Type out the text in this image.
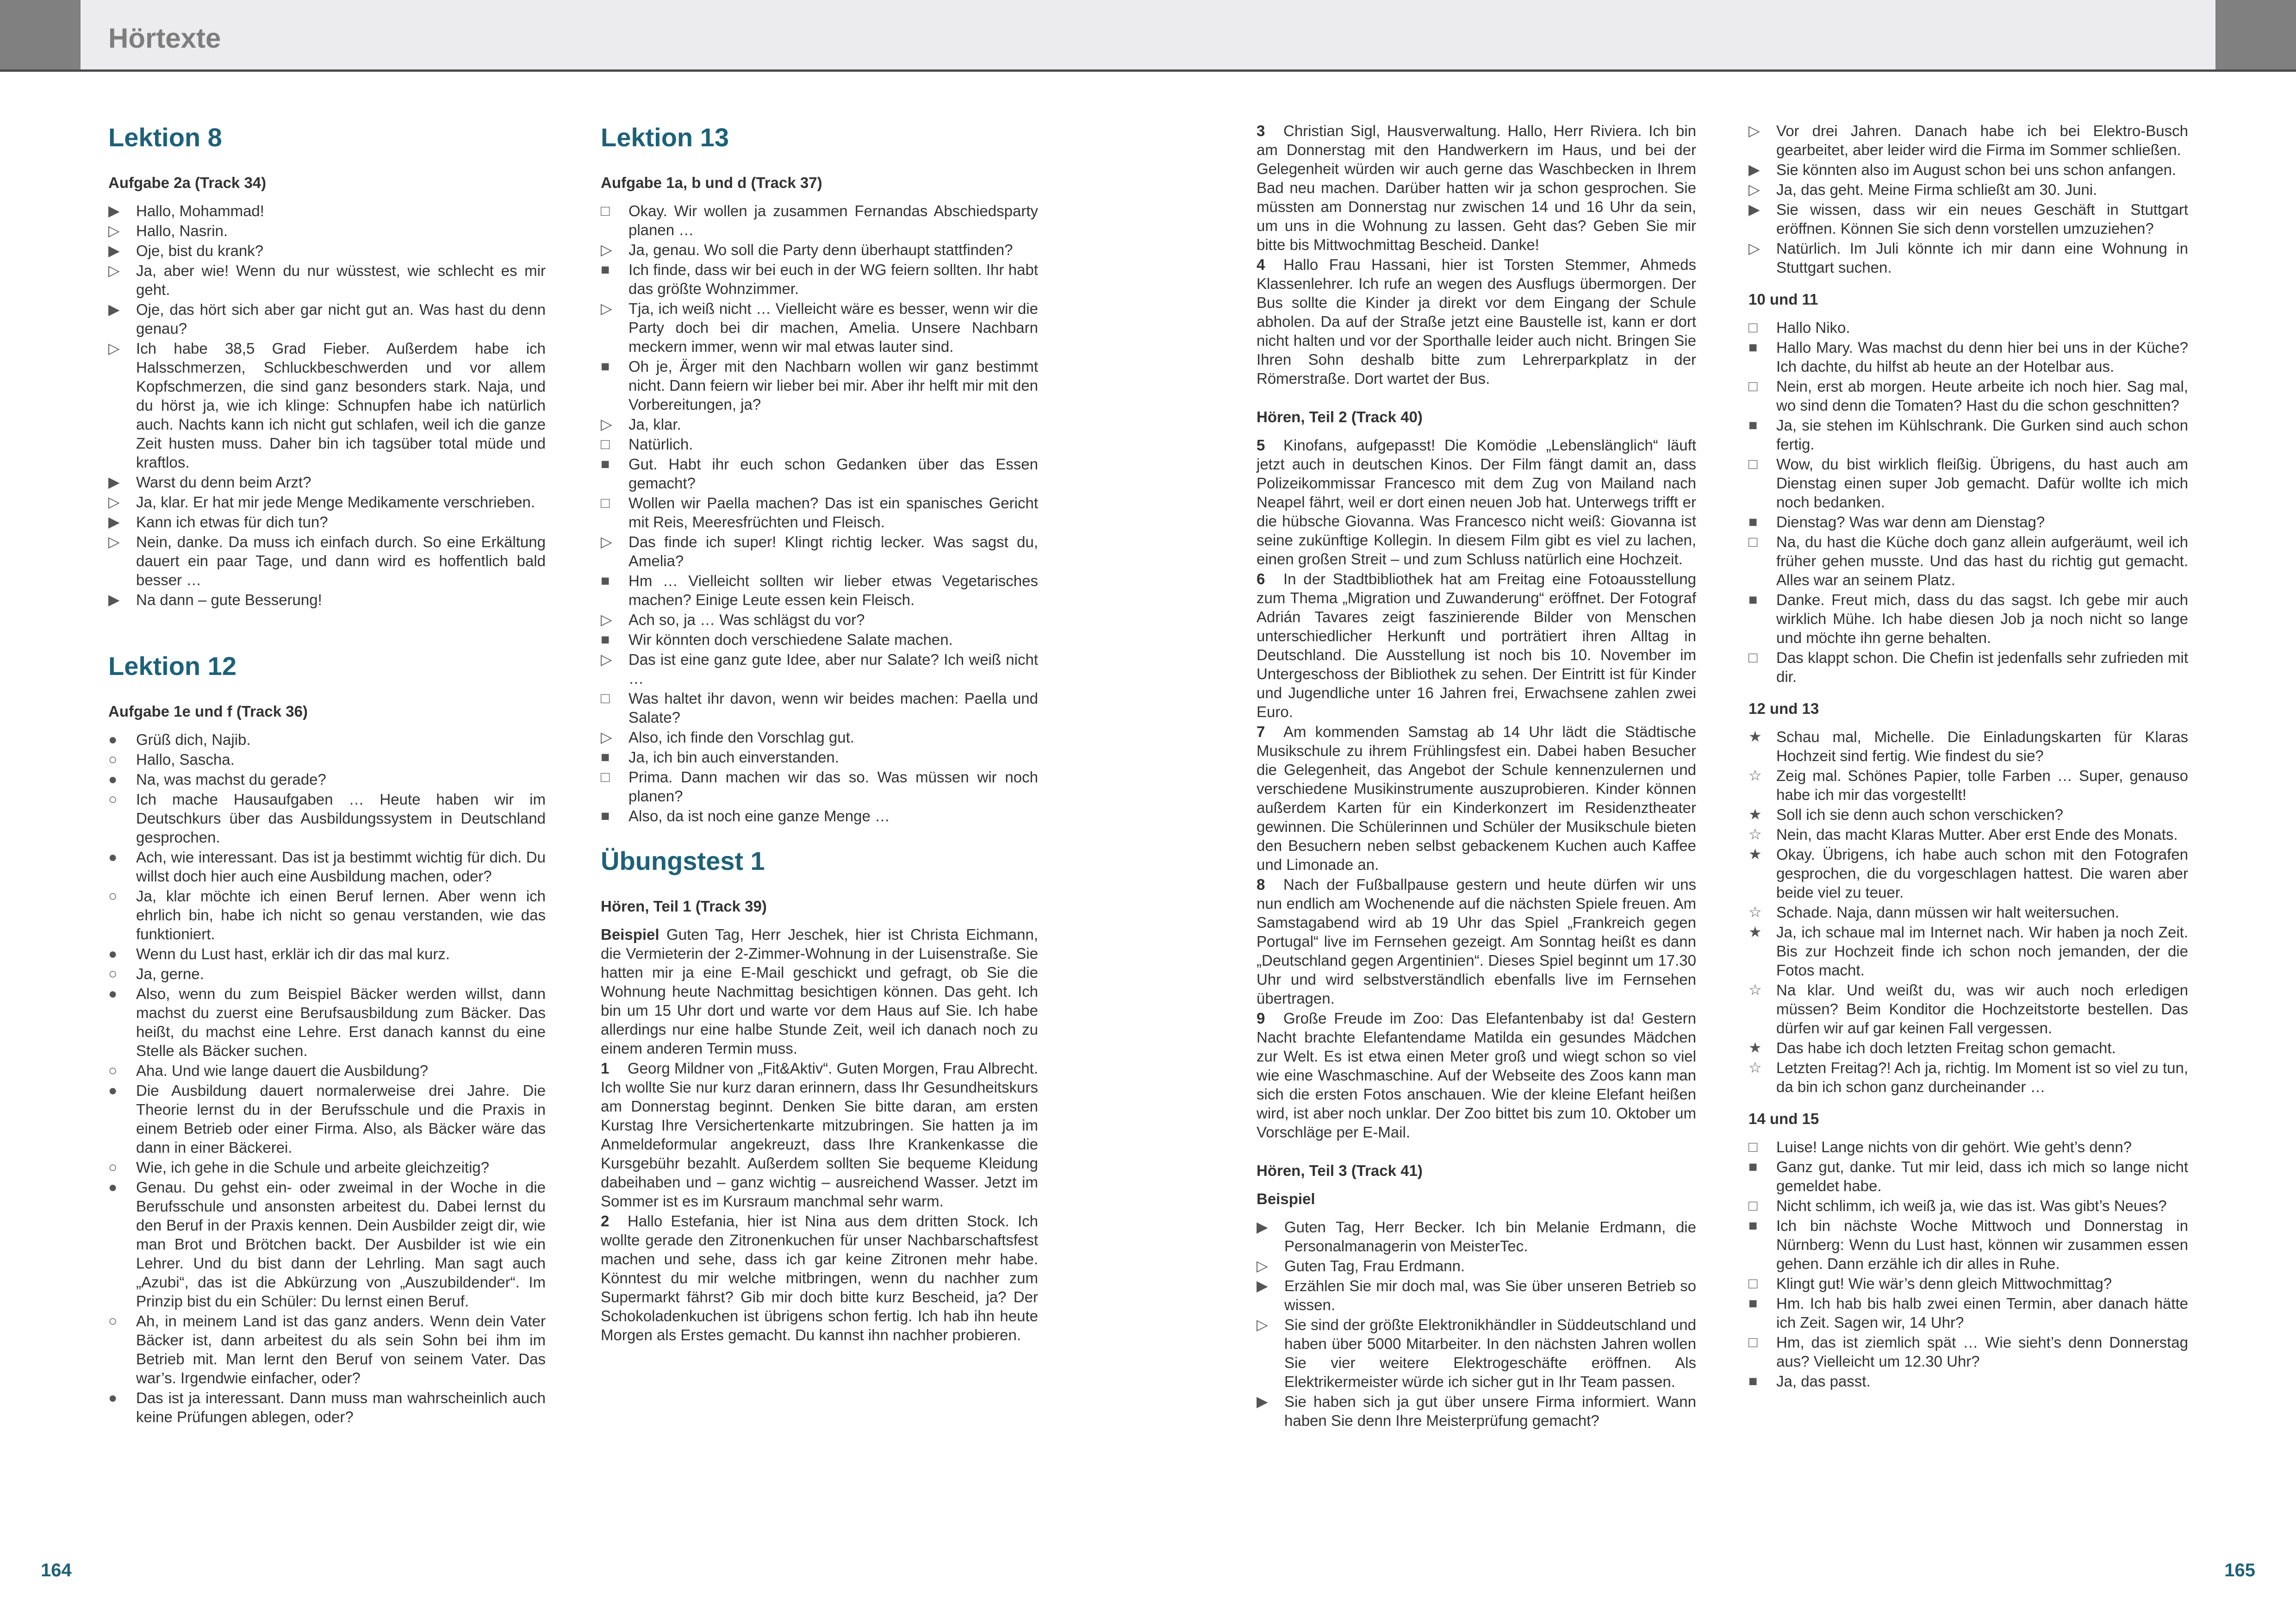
Hörtexte
Lektion 8
Aufgabe 2a (Track 34)
▶	Hallo, Mohammad!
▷	Hallo, Nasrin.
▶	Oje, bist du krank?
▷	Ja, aber wie! Wenn du nur wüsstest, wie schlecht es mir geht.
▶	Oje, das hört sich aber gar nicht gut an. Was hast du denn genau?
▷	Ich habe 38,5 Grad Fieber. Außerdem habe ich Halsschmerzen, Schluckbeschwerden und vor allem Kopfschmerzen, die sind ganz besonders stark. Naja, und du hörst ja, wie ich klinge: Schnupfen habe ich natürlich auch. Nachts kann ich nicht gut schlafen, weil ich die ganze Zeit husten muss. Daher bin ich tagsüber total müde und kraftlos.
▶	Warst du denn beim Arzt?
▷	Ja, klar. Er hat mir jede Menge Medikamente verschrieben.
▶	Kann ich etwas für dich tun?
▷	Nein, danke. Da muss ich einfach durch. So eine Erkältung dauert ein paar Tage, und dann wird es hoffentlich bald besser …
▶	Na dann – gute Besserung!
Lektion 12
Aufgabe 1e und f (Track 36)
●	Grüß dich, Najib.
○	Hallo, Sascha.
●	Na, was machst du gerade?
○	Ich mache Hausaufgaben … Heute haben wir im Deutschkurs über das Ausbildungssystem in Deutschland gesprochen.
●	Ach, wie interessant. Das ist ja bestimmt wichtig für dich. Du willst doch hier auch eine Ausbildung machen, oder?
○	Ja, klar möchte ich einen Beruf lernen. Aber wenn ich ehrlich bin, habe ich nicht so genau verstanden, wie das funktioniert.
●	Wenn du Lust hast, erklär ich dir das mal kurz.
○	Ja, gerne.
●	Also, wenn du zum Beispiel Bäcker werden willst, dann machst du zuerst eine Berufsausbildung zum Bäcker. Das heißt, du machst eine Lehre. Erst danach kannst du eine Stelle als Bäcker suchen.
○	Aha. Und wie lange dauert die Ausbildung?
●	Die Ausbildung dauert normalerweise drei Jahre. Die Theorie lernst du in der Berufsschule und die Praxis in einem Betrieb oder einer Firma. Also, als Bäcker wäre das dann in einer Bäckerei.
○	Wie, ich gehe in die Schule und arbeite gleichzeitig?
●	Genau. Du gehst ein- oder zweimal in der Woche in die Berufsschule und ansonsten arbeitest du. Dabei lernst du den Beruf in der Praxis kennen. Dein Ausbilder zeigt dir, wie man Brot und Brötchen backt. Der Ausbilder ist wie ein Lehrer. Und du bist dann der Lehrling. Man sagt auch „Azubi“, das ist die Abkürzung von „Auszubildender“. Im Prinzip bist du ein Schüler: Du lernst einen Beruf.
○	Ah, in meinem Land ist das ganz anders. Wenn dein Vater Bäcker ist, dann arbeitest du als sein Sohn bei ihm im Betrieb mit. Man lernt den Beruf von seinem Vater. Das war’s. Irgendwie einfacher, oder?
●	Das ist ja interessant. Dann muss man wahrscheinlich auch keine Prüfungen ablegen, oder?
Lektion 13
Aufgabe 1a, b und d (Track 37)
□	Okay. Wir wollen ja zusammen Fernandas Abschiedsparty planen …
▷	Ja, genau. Wo soll die Party denn überhaupt stattfinden?
■	Ich finde, dass wir bei euch in der WG feiern sollten. Ihr habt das größte Wohnzimmer.
▷	Tja, ich weiß nicht … Vielleicht wäre es besser, wenn wir die Party doch bei dir machen, Amelia. Unsere Nachbarn meckern immer, wenn wir mal etwas lauter sind.
■	Oh je, Ärger mit den Nachbarn wollen wir ganz bestimmt nicht. Dann feiern wir lieber bei mir. Aber ihr helft mir mit den Vorbereitungen, ja?
▷	Ja, klar.
□	Natürlich.
■	Gut. Habt ihr euch schon Gedanken über das Essen gemacht?
□	Wollen wir Paella machen? Das ist ein spanisches Gericht mit Reis, Meeresfrüchten und Fleisch.
▷	Das finde ich super! Klingt richtig lecker. Was sagst du, Amelia?
■	Hm … Vielleicht sollten wir lieber etwas Vegetarisches machen? Einige Leute essen kein Fleisch.
▷	Ach so, ja … Was schlägst du vor?
■	Wir könnten doch verschiedene Salate machen.
▷	Das ist eine ganz gute Idee, aber nur Salate? Ich weiß nicht …
□	Was haltet ihr davon, wenn wir beides machen: Paella und Salate?
▷	Also, ich finde den Vorschlag gut.
■	Ja, ich bin auch einverstanden.
□	Prima. Dann machen wir das so. Was müssen wir noch planen?
■	Also, da ist noch eine ganze Menge …
Übungstest 1
Hören, Teil 1 (Track 39)
Beispiel Guten Tag, Herr Jeschek, hier ist Christa Eichmann, die Vermieterin der 2-Zimmer-Wohnung in der Luisenstraße. Sie hatten mir ja eine E-Mail geschickt und gefragt, ob Sie die Wohnung heute Nachmittag besichtigen können. Das geht. Ich bin um 15 Uhr dort und warte vor dem Haus auf Sie. Ich habe allerdings nur eine halbe Stunde Zeit, weil ich danach noch zu einem anderen Termin muss.
1 Georg Mildner von „Fit&Aktiv“. Guten Morgen, Frau Albrecht. Ich wollte Sie nur kurz daran erinnern, dass Ihr Gesundheitskurs am Donnerstag beginnt. Denken Sie bitte daran, am ersten Kurstag Ihre Versichertenkarte mitzubringen. Sie hatten ja im Anmeldeformular angekreuzt, dass Ihre Krankenkasse die Kursgebühr bezahlt. Außerdem sollten Sie bequeme Kleidung dabeihaben und – ganz wichtig – ausreichend Wasser. Jetzt im Sommer ist es im Kursraum manchmal sehr warm.
2 Hallo Estefania, hier ist Nina aus dem dritten Stock. Ich wollte gerade den Zitronenkuchen für unser Nachbarschaftsfest machen und sehe, dass ich gar keine Zitronen mehr habe. Könntest du mir welche mitbringen, wenn du nachher zum Supermarkt fährst? Gib mir doch bitte kurz Bescheid, ja? Der Schokoladenkuchen ist übrigens schon fertig. Ich hab ihn heute Morgen als Erstes gemacht. Du kannst ihn nachher probieren.
3 Christian Sigl, Hausverwaltung. Hallo, Herr Riviera. Ich bin am Donnerstag mit den Handwerkern im Haus, und bei der Gelegenheit würden wir auch gerne das Waschbecken in Ihrem Bad neu machen. Darüber hatten wir ja schon gesprochen. Sie müssten am Donnerstag nur zwischen 14 und 16 Uhr da sein, um uns in die Wohnung zu lassen. Geht das? Geben Sie mir bitte bis Mittwochmittag Bescheid. Danke!
4 Hallo Frau Hassani, hier ist Torsten Stemmer, Ahmeds Klassenlehrer. Ich rufe an wegen des Ausflugs übermorgen. Der Bus sollte die Kinder ja direkt vor dem Eingang der Schule abholen. Da auf der Straße jetzt eine Baustelle ist, kann er dort nicht halten und vor der Sporthalle leider auch nicht. Bringen Sie Ihren Sohn deshalb bitte zum Lehrerparkplatz in der Römerstraße. Dort wartet der Bus.
Hören, Teil 2 (Track 40)
5 Kinofans, aufgepasst! Die Komödie „Lebenslänglich“ läuft jetzt auch in deutschen Kinos. Der Film fängt damit an, dass Polizeikommissar Francesco mit dem Zug von Mailand nach Neapel fährt, weil er dort einen neuen Job hat. Unterwegs trifft er die hübsche Giovanna. Was Francesco nicht weiß: Giovanna ist seine zukünftige Kollegin. In diesem Film gibt es viel zu lachen, einen großen Streit – und zum Schluss natürlich eine Hochzeit.
6 In der Stadtbibliothek hat am Freitag eine Fotoausstellung zum Thema „Migration und Zuwanderung“ eröffnet. Der Fotograf Adrián Tavares zeigt faszinierende Bilder von Menschen unterschiedlicher Herkunft und porträtiert ihren Alltag in Deutschland. Die Ausstellung ist noch bis 10. November im Untergeschoss der Bibliothek zu sehen. Der Eintritt ist für Kinder und Jugendliche unter 16 Jahren frei, Erwachsene zahlen zwei Euro.
7 Am kommenden Samstag ab 14 Uhr lädt die Städtische Musikschule zu ihrem Frühlingsfest ein. Dabei haben Besucher die Gelegenheit, das Angebot der Schule kennenzulernen und verschiedene Musikinstrumente auszuprobieren. Kinder können außerdem Karten für ein Kinderkonzert im Residenztheater gewinnen. Die Schülerinnen und Schüler der Musikschule bieten den Besuchern neben selbst gebackenem Kuchen auch Kaffee und Limonade an.
8 Nach der Fußballpause gestern und heute dürfen wir uns nun endlich am Wochenende auf die nächsten Spiele freuen. Am Samstagabend wird ab 19 Uhr das Spiel „Frankreich gegen Portugal“ live im Fernsehen gezeigt. Am Sonntag heißt es dann „Deutschland gegen Argentinien“. Dieses Spiel beginnt um 17.30 Uhr und wird selbstverständlich ebenfalls live im Fernsehen übertragen.
9 Große Freude im Zoo: Das Elefantenbaby ist da! Gestern Nacht brachte Elefantendame Matilda ein gesundes Mädchen zur Welt. Es ist etwa einen Meter groß und wiegt schon so viel wie eine Waschmaschine. Auf der Webseite des Zoos kann man sich die ersten Fotos anschauen. Wie der kleine Elefant heißen wird, ist aber noch unklar. Der Zoo bittet bis zum 10. Oktober um Vorschläge per E-Mail.
Hören, Teil 3 (Track 41)
Beispiel
▶	Guten Tag, Herr Becker. Ich bin Melanie Erdmann, die Personalmanagerin von MeisterTec.
▷	Guten Tag, Frau Erdmann.
▶	Erzählen Sie mir doch mal, was Sie über unseren Betrieb so wissen.
▷	Sie sind der größte Elektronikhändler in Süddeutschland und haben über 5000 Mitarbeiter. In den nächsten Jahren wollen Sie vier weitere Elektrogeschäfte eröffnen. Als Elektrikermeister würde ich sicher gut in Ihr Team passen.
▶	Sie haben sich ja gut über unsere Firma informiert. Wann haben Sie denn Ihre Meisterprüfung gemacht?
▷	Vor drei Jahren. Danach habe ich bei Elektro-Busch gearbeitet, aber leider wird die Firma im Sommer schließen.
▶	Sie könnten also im August schon bei uns schon anfangen.
▷	Ja, das geht. Meine Firma schließt am 30. Juni.
▶	Sie wissen, dass wir ein neues Geschäft in Stuttgart eröffnen. Können Sie sich denn vorstellen umzuziehen?
▷	Natürlich. Im Juli könnte ich mir dann eine Wohnung in Stuttgart suchen.
10 und 11
□	Hallo Niko.
■	Hallo Mary. Was machst du denn hier bei uns in der Küche? Ich dachte, du hilfst ab heute an der Hotelbar aus.
□	Nein, erst ab morgen. Heute arbeite ich noch hier. Sag mal, wo sind denn die Tomaten? Hast du die schon geschnitten?
■	Ja, sie stehen im Kühlschrank. Die Gurken sind auch schon fertig.
□	Wow, du bist wirklich fleißig. Übrigens, du hast auch am Dienstag einen super Job gemacht. Dafür wollte ich mich noch bedanken.
■	Dienstag? Was war denn am Dienstag?
□	Na, du hast die Küche doch ganz allein aufgeräumt, weil ich früher gehen musste. Und das hast du richtig gut gemacht. Alles war an seinem Platz.
■	Danke. Freut mich, dass du das sagst. Ich gebe mir auch wirklich Mühe. Ich habe diesen Job ja noch nicht so lange und möchte ihn gerne behalten.
□	Das klappt schon. Die Chefin ist jedenfalls sehr zufrieden mit dir.
12 und 13
★ Schau mal, Michelle. Die Einladungskarten für Klaras Hochzeit sind fertig. Wie findest du sie?
☆ Zeig mal. Schönes Papier, tolle Farben … Super, genauso habe ich mir das vorgestellt!
★ Soll ich sie denn auch schon verschicken?
☆ Nein, das macht Klaras Mutter. Aber erst Ende des Monats.
★ Okay. Übrigens, ich habe auch schon mit den Fotografen gesprochen, die du vorgeschlagen hattest. Die waren aber beide viel zu teuer.
☆ Schade. Naja, dann müssen wir halt weitersuchen.
★ Ja, ich schaue mal im Internet nach. Wir haben ja noch Zeit. Bis zur Hochzeit finde ich schon noch jemanden, der die Fotos macht.
☆ Na klar. Und weißt du, was wir auch noch erledigen müssen? Beim Konditor die Hochzeitstorte bestellen. Das dürfen wir auf gar keinen Fall vergessen.
★ Das habe ich doch letzten Freitag schon gemacht.
☆ Letzten Freitag?! Ach ja, richtig. Im Moment ist so viel zu tun, da bin ich schon ganz durcheinander …
14 und 15
□	Luise! Lange nichts von dir gehört. Wie geht’s denn?
■	Ganz gut, danke. Tut mir leid, dass ich mich so lange nicht gemeldet habe.
□	Nicht schlimm, ich weiß ja, wie das ist. Was gibt’s Neues?
■	Ich bin nächste Woche Mittwoch und Donnerstag in Nürnberg: Wenn du Lust hast, können wir zusammen essen gehen. Dann erzähle ich dir alles in Ruhe.
□	Klingt gut! Wie wär’s denn gleich Mittwochmittag?
■	Hm. Ich hab bis halb zwei einen Termin, aber danach hätte ich Zeit. Sagen wir, 14 Uhr?
□	Hm, das ist ziemlich spät … Wie sieht’s denn Donnerstag aus? Vielleicht um 12.30 Uhr?
■	Ja, das passt.
164	165
